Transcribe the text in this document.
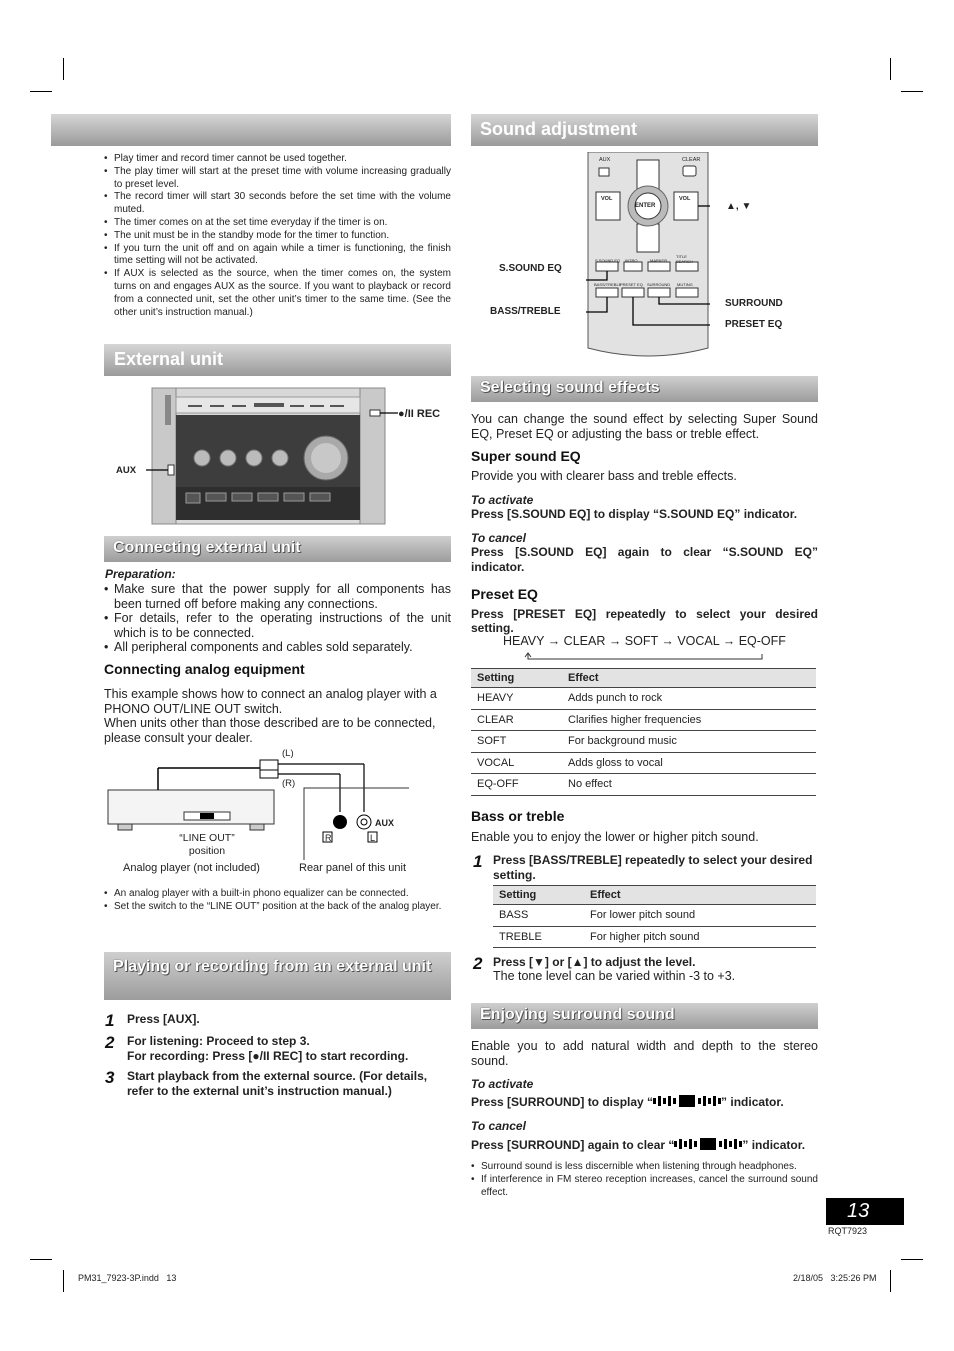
• Play timer and record timer cannot be used together.
• The play timer will start at the preset time with volume increasing gradually to preset level.
• The record timer will start 30 seconds before the set time with the volume muted.
• The timer comes on at the set time everyday if the timer is on.
• The unit must be in the standby mode for the timer to function.
• If you turn the unit off and on again while a timer is functioning, the finish time setting will not be activated.
• If AUX is selected as the source, when the timer comes on, the system turns on and engages AUX as the source. If you want to playback or record from a connected unit, set the other unit’s timer to the same time. (See the other unit’s instruction manual.)
External unit
AUX
●/II REC
Connecting external unit
Preparation:
• Make sure that the power supply for all components has been turned off before making any connections.
• For details, refer to the operating instructions of the unit which is to be connected.
• All peripheral components and cables sold separately.
Connecting analog equipment
This example shows how to connect an analog player with a PHONO OUT/LINE OUT switch.
When units other than those described are to be connected, please consult your dealer.
(L)
(R)
AUX
R	L
“LINE OUT”
position
Analog player (not included)	Rear panel of this unit
• An analog player with a built-in phono equalizer can be connected.
• Set the switch to the “LINE OUT” position at the back of the analog player.
Playing or recording from an external unit
1 Press [AUX].
2 For listening: Proceed to step 3.
For recording: Press [●/II REC] to start recording.
3 Start playback from the external source. (For details, refer to the external unit’s instruction manual.)
Sound adjustment
AUX	CLEAR
VOL
ENTER
VOL
S.SOUND EQ INTRO	MARKER
TITLE SEARCH
BASS/TREBLE
PRESET EQ SURROUND MUTING
▲, ▼
S.SOUND EQ
BASS/TREBLE
SURROUND
PRESET EQ
Selecting sound effects
You can change the sound effect by selecting Super Sound EQ, Preset EQ or adjusting the bass or treble effect.
Super sound EQ
Provide you with clearer bass and treble effects.
To activate
Press [S.SOUND EQ] to display “S.SOUND EQ” indicator.
To cancel
Press [S.SOUND EQ] again to clear “S.SOUND EQ” indicator.
Preset EQ
Press [PRESET EQ] repeatedly to select your desired setting.
HEAVY → CLEAR → SOFT → VOCAL → EQ-OFF
Setting	Effect
HEAVY	Adds punch to rock
CLEAR	Clarifies higher frequencies
SOFT	For background music
VOCAL	Adds gloss to vocal
EQ-OFF	No effect
Bass or treble
Enable you to enjoy the lower or higher pitch sound.
1 Press [BASS/TREBLE] repeatedly to select your desired setting.
Setting	Effect
BASS	For lower pitch sound
TREBLE	For higher pitch sound
2 Press [▼] or [▲] to adjust the level.
The tone level can be varied within -3 to +3.
Enjoying surround sound
Enable you to add natural width and depth to the stereo sound.
To activate
Press [SURROUND] to display “	” indicator.
To cancel
Press [SURROUND] again to clear “	” indicator.
• Surround sound is less discernible when listening through headphones.
• If interference in FM stereo reception increases, cancel the surround sound effect.
13
RQT7923
PM31_7923-3P.indd   13	2/18/05   3:25:26 PM
